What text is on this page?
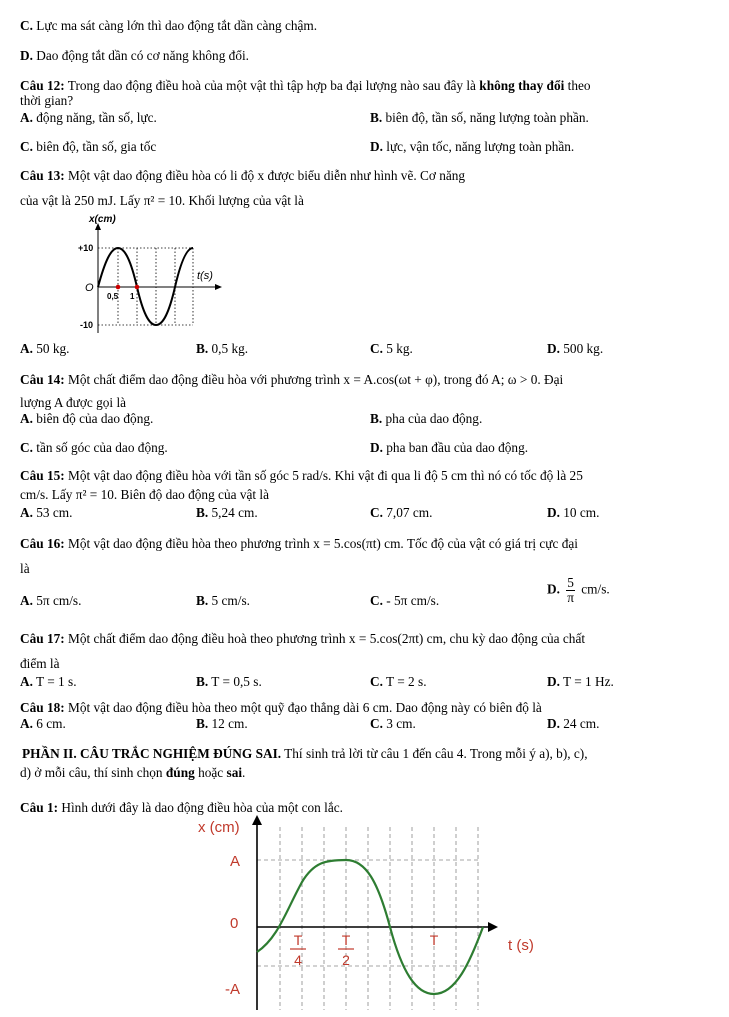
C. Lực ma sát càng lớn thì dao động tắt dần càng chậm.
D. Dao động tắt dần có cơ năng không đổi.
Câu 12: Trong dao động điều hoà của một vật thì tập hợp ba đại lượng nào sau đây là không thay đổi theo
thời gian?
A. động năng, tần số, lực.	B. biên độ, tần số, năng lượng toàn phần.
C. biên độ, tần số, gia tốc	D. lực, vận tốc, năng lượng toàn phần.
Câu 13: Một vật dao động điều hòa có li độ x được biểu diễn như hình vẽ. Cơ năng
của vật là 250 mJ. Lấy π² = 10. Khối lượng của vật là
x(cm)
+10
O
-10
t(s)
0,5 1
A. 50 kg.	B. 0,5 kg.	C. 5 kg.	D. 500 kg.
Câu 14: Một chất điểm dao động điều hòa với phương trình x = A.cos(ωt + φ), trong đó A; ω > 0. Đại
lượng A được gọi là
A. biên độ của dao động.	B. pha của dao động.
C. tần số góc của dao động.	D. pha ban đầu của dao động.
Câu 15: Một vật dao động điều hòa với tần số góc 5 rad/s. Khi vật đi qua li độ 5 cm thì nó có tốc độ là 25
cm/s. Lấy π² = 10. Biên độ dao động của vật là
A. 53 cm.	B. 5,24 cm.	C. 7,07 cm.	D. 10 cm.
Câu 16: Một vật dao động điều hòa theo phương trình x = 5.cos(πt) cm. Tốc độ của vật có giá trị cực đại
là
A. 5π cm/s.	B. 5 cm/s.	C. - 5π cm/s.
D. $\frac{5}{\pi} cm/s$.
Câu 17: Một chất điểm dao động điều hoà theo phương trình x = 5.cos(2πt) cm, chu kỳ dao động của chất
điểm là
A. T = 1 s.	B. T = 0,5 s.	C. T = 2 s.	D. T = 1 Hz.
Câu 18: Một vật dao động điều hòa theo một quỹ đạo thẳng dài 6 cm. Dao động này có biên độ là
A. 6 cm.	B. 12 cm.	C. 3 cm.	D. 24 cm.
PHẦN II. CÂU TRẮC NGHIỆM ĐÚNG SAI. Thí sinh trả lời từ câu 1 đến câu 4. Trong mỗi ý a), b), c),
d) ở mỗi câu, thí sinh chọn đúng hoặc sai.
Câu 1: Hình dưới đây là dao động điều hòa của một con lắc.
x (cm)
A
0
-A
t (s)
T
4
T
2
T
